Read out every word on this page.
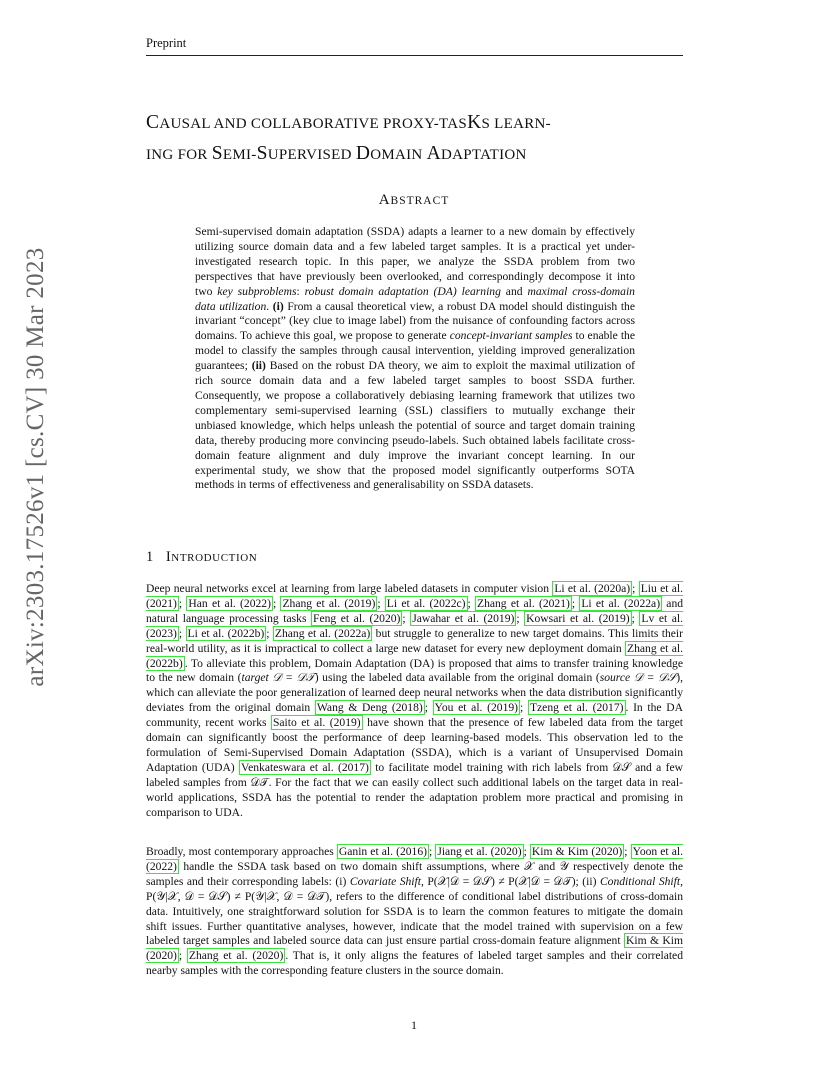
Preprint
arXiv:2303.17526v1 [cs.CV] 30 Mar 2023
CAUSAL AND COLLABORATIVE PROXY-TASKS LEARN-
ING FOR SEMI-SUPERVISED DOMAIN ADAPTATION
ABSTRACT
Semi-supervised domain adaptation (SSDA) adapts a learner to a new domain by effectively utilizing source domain data and a few labeled target samples. It is a practical yet under-investigated research topic. In this paper, we analyze the SSDA problem from two perspectives that have previously been overlooked, and correspondingly decompose it into two key subproblems: robust domain adaptation (DA) learning and maximal cross-domain data utilization. (i) From a causal theoretical view, a robust DA model should distinguish the invariant “concept” (key clue to image label) from the nuisance of confounding factors across domains. To achieve this goal, we propose to generate concept-invariant samples to enable the model to classify the samples through causal intervention, yielding improved generalization guarantees; (ii) Based on the robust DA theory, we aim to exploit the maximal utilization of rich source domain data and a few labeled target samples to boost SSDA further. Consequently, we propose a collaboratively debiasing learning framework that utilizes two complementary semi-supervised learning (SSL) classifiers to mutually exchange their unbiased knowledge, which helps unleash the potential of source and target domain training data, thereby producing more convincing pseudo-labels. Such obtained labels facilitate cross-domain feature alignment and duly improve the invariant concept learning. In our experimental study, we show that the proposed model significantly outperforms SOTA methods in terms of effectiveness and generalisability on SSDA datasets.
1 INTRODUCTION
Deep neural networks excel at learning from large labeled datasets in computer vision Li et al. (2020a) ; Liu et al. (2021) ; Han et al. (2022) ; Zhang et al. (2019) ; Li et al. (2022c) ; Zhang et al. (2021) ; Li et al. (2022a) and natural language processing tasks Feng et al. (2020) ; Jawahar et al. (2019) ; Kowsari et al. (2019) ; Lv et al. (2023) ; Li et al. (2022b) ; Zhang et al. (2022a) but struggle to generalize to new target domains. This limits their real-world utility, as it is impractical to collect a large new dataset for every new deployment domain Zhang et al. (2022b) . To alleviate this problem, Domain Adaptation (DA) is proposed that aims to transfer training knowledge to the new domain (target 𝒟 = 𝒟𝒯) using the labeled data available from the original domain (source 𝒟 = 𝒟𝒮), which can alleviate the poor generalization of learned deep neural networks when the data distribution significantly deviates from the original domain Wang & Deng (2018) ; You et al. (2019) ; Tzeng et al. (2017) . In the DA community, recent works Saito et al. (2019) have shown that the presence of few labeled data from the target domain can significantly boost the performance of deep learning-based models. This observation led to the formulation of Semi-Supervised Domain Adaptation (SSDA), which is a variant of Unsupervised Domain Adaptation (UDA) Venkateswara et al. (2017) to facilitate model training with rich labels from 𝒟𝒮 and a few labeled samples from 𝒟𝒯. For the fact that we can easily collect such additional labels on the target data in real-world applications, SSDA has the potential to render the adaptation problem more practical and promising in comparison to UDA.
Broadly, most contemporary approaches Ganin et al. (2016) ; Jiang et al. (2020) ; Kim & Kim (2020) ; Yoon et al. (2022) handle the SSDA task based on two domain shift assumptions, where 𝒳 and 𝒴 respectively denote the samples and their corresponding labels: (i) Covariate Shift, P(𝒳|𝒟 = 𝒟𝒮) ≠ P(𝒳|𝒟 = 𝒟𝒯); (ii) Conditional Shift, P(𝒴|𝒳, 𝒟 = 𝒟𝒮) ≠ P(𝒴|𝒳, 𝒟 = 𝒟𝒯), refers to the difference of conditional label distributions of cross-domain data. Intuitively, one straightforward solution for SSDA is to learn the common features to mitigate the domain shift issues. Further quantitative analyses, however, indicate that the model trained with supervision on a few labeled target samples and labeled source data can just ensure partial cross-domain feature alignment Kim & Kim (2020) ; Zhang et al. (2020) . That is, it only aligns the features of labeled target samples and their correlated nearby samples with the corresponding feature clusters in the source domain.
1
